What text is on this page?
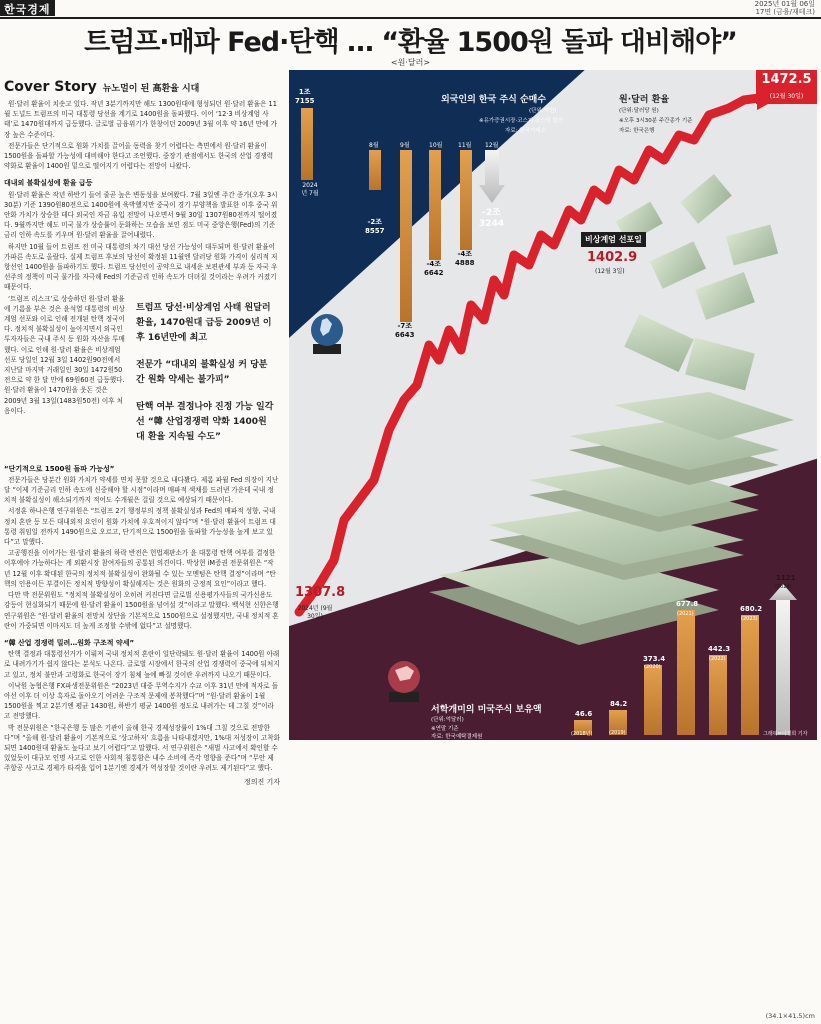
한국경제	2025년 01월 06일
17면 (금융/재테크)
트럼프·매파 Fed·탄핵 … “환율 1500원 돌파 대비해야”
<원·달러>
Cover Story 뉴노멀이 된 高환율 시대

원·달러 환율이 치솟고 있다. 작년 3분기까지만 해도 1300원대에 형성되던 원·달러 환율은 11월 도널드 트럼프의 미국 대통령 당선을 계기로 1400원을 돌파했다. 이어 ‘12·3 비상계엄 사태’로 1470원대까지 급등했다. 글로벌 금융위기가 한창이던 2009년 3월 이후 약 16년 만에 가장 높은 수준이다.

전문가들은 단기적으로 원화 가치를 끌어올 동력을 찾기 어렵다는 측면에서 원·달러 환율이 1500원을 돌파할 가능성에 대비해야 한다고 조언했다. 중장기 관점에서도 한국의 산업 경쟁력 약화로 환율이 1400원 밑으로 떨어지기 어렵다는 전망이 나왔다.

대내외 불확실성에 환율 급등

원·달러 환율은 작년 하반기 들어 줄곧 높은 변동성을 보여왔다. 7월 3일엔 주간 종가(오후 3시30분) 기준 1390원80전으로 1400원에 육박했지만 중국이 경기 부양책을 발표한 이후 중국 위안화 가치가 상승한 데다 외국인 자금 유입 전망이 나오면서 9월 30일 1307원80전까지 떨어졌다. 9월까지만 해도 미국 물가 상승률이 둔화하는 모습을 보인 점도 미국 중앙은행(Fed)의 기준금리 인하 속도를 키우며 원·달러 환율을 끌어내렸다.

하지만 10월 들어 트럼프 전 미국 대통령의 차기 대선 당선 가능성이 대두되며 원·달러 환율이 가파른 속도로 올랐다. 실제 트럼프 후보의 당선이 확정된 11월엔 달러당 원화 가격이 심리적 저항선인 1400원을 돌파하기도 했다. 트럼프 당선인이 공약으로 내세운 보편관세 부과 등 자국 우선주의 정책이 미국 물가를 자극해 Fed의 기준금리 인하 속도가 더뎌질 것이라는 우려가 커졌기 때문이다.

‘트럼프 리스크’로 상승하던 원·달러 환율에 기름을 부은 것은 윤석열 대통령의 비상계엄 선포와 이로 인해 전개된 탄핵 정국이다. 정치적 불확실성이 높아지면서 외국인 투자자들은 국내 주식 등 원화 자산을 투매했다. 이로 인해 원·달러 환율은 비상계엄 선포 당일인 12월 3일 1402원90전에서 지난달 마지막 거래일인 30일 1472원50전으로 약 한 달 만에 69원60전 급등했다. 원·달러 환율이 1470원을 웃돈 것은 2009년 3월 13일(1483원50전) 이후 처음이다.

트럼프 당선·비상계엄 사태 원달러 환율, 1470원대 급등 2009년 이후 16년만에 최고
전문가 “대내외 불확실성 커 당분간 원화 약세는 불가피”
탄핵 여부 결정나야 진정 가능 일각선 “韓 산업경쟁력 약화 1400원대 환율 지속될 수도”
“단기적으로 1500원 돌파 가능성”

전문가들은 당분간 원화 가치가 약세를 면치 못할 것으로 내다봤다. 제롬 파월 Fed 의장이 지난달 “이제 기준금리 인하 속도에 신중해야 할 시점”이라며 매파적 색채를 드러낸 가운데 국내 정치적 불확실성이 해소되기까지 적어도 수개월은 걸릴 것으로 예상되기 때문이다.

서정훈 하나은행 연구위원은 “트럼프 2기 행정부의 정책 불확실성과 Fed의 매파적 성향, 국내 정치 혼란 등 모든 대내외적 요인이 원화 가치에 우호적이지 않다”며 “원·달러 환율이 트럼프 대통령 취임일 전까지 1490원으로 오르고, 단기적으로 1500원을 돌파할 가능성을 높게 보고 있다”고 말했다.

고공행진을 이어가는 원·달러 환율의 하락 반전은 헌법재판소가 윤 대통령 탄핵 여부를 결정한 이후에야 가능하다는 게 외환시장 참여자들의 공통된 의견이다. 박상현 iM증권 전문위원은 “작년 12월 이후 확대된 한국의 정치적 불확실성이 완화될 수 있는 모멘텀은 탄핵 결정”이라며 “탄핵의 인용이든 부결이든 정치적 방향성이 확실해지는 것은 원화의 긍정적 요인”이라고 했다.

다만 박 전문위원도 “정치적 불확실성이 오히려 커진다면 글로벌 신용평가사들의 국가신용도 강등이 현실화되기 때문에 원·달러 환율이 1500원을 넘어설 것”이라고 말했다. 백석현 신한은행 연구위원은 “원·달러 환율의 전망치 상단을 기본적으로 1500원으로 설정했지만, 국내 정치적 혼란이 가중되면 이마저도 더 높게 조정할 수밖에 없다”고 설명했다.

“韓 산업 경쟁력 밀려…원화 구조적 약세”

탄핵 결정과 대통령선거가 이뤄져 국내 정치적 혼란이 일단락돼도 원·달러 환율이 1400원 아래로 내려가기가 쉽지 않다는 분석도 나온다. 글로벌 시장에서 한국의 산업 경쟁력이 중국에 뒤처지고 있고, 정치 불안과 고령화로 한국이 장기 침체 늪에 빠질 것이란 우려까지 나오기 때문이다.

이낙원 농협은행 FX파생전문위원은 “2023년 대중 무역수지가 수교 이후 31년 만에 적자로 돌아선 이후 더 이상 흑자로 돌아오기 어려운 구조적 문제에 봉착했다”며 “원·달러 환율이 1월 1500원을 찍고 2분기엔 평균 1430원, 하반기 평균 1400원 정도로 내려가는 데 그칠 것”이라고 전망했다.

박 전문위원은 “한국은행 등 많은 기관이 올해 한국 경제성장률이 1%대 그칠 것으로 전망한다”며 “올해 원·달러 환율이 기본적으로 ‘상고하저’ 흐름을 나타내겠지만, 1%대 저성장이 고착화되면 1400원대 환율도 높다고 보기 어렵다”고 말했다. 서 연구위원은 “새벌 사고에서 확인할 수 있었듯이 대규모 인명 사고로 인한 사회적 침통함은 내수 소비에 즉각 영향을 준다”며 “무안 제주항공 사고로 경제가 타격을 입어 1분기엔 경제가 역성장할 것이란 우려도 제기된다”고 했다.

정의진 기자
외국인의 한국 주식 순매수
(단위:억원)
※유가증권시장·코스피·코스닥 합산
자료: 한국거래소
1조
7155
2024년 7월
8월	9월	10월	11월 12월
-2조
8557
-7조
6643
-4조
6642
-4조
4888
-2조
3244
원·달러 환율
(단위:달러당 원)
※오후 3시30분 주간종가 기준
자료: 한국은행
1472.5
(12월 30일)
비상계엄 선포일
1402.9
(12월 3일)
1307.8
2024년 (9월 30일)
서학개미의 미국주식 보유액
(단위:억달러)
※연말 기준
자료: 한국예탁결제원
46.6
84.2
373.4
677.8
442.3
680.2
1121
(2018년)	(2019)
(2020)
(2021)
(2022)
(2023)
(2024)
그래픽=이정희 기자
(34.1×41.5)cm
